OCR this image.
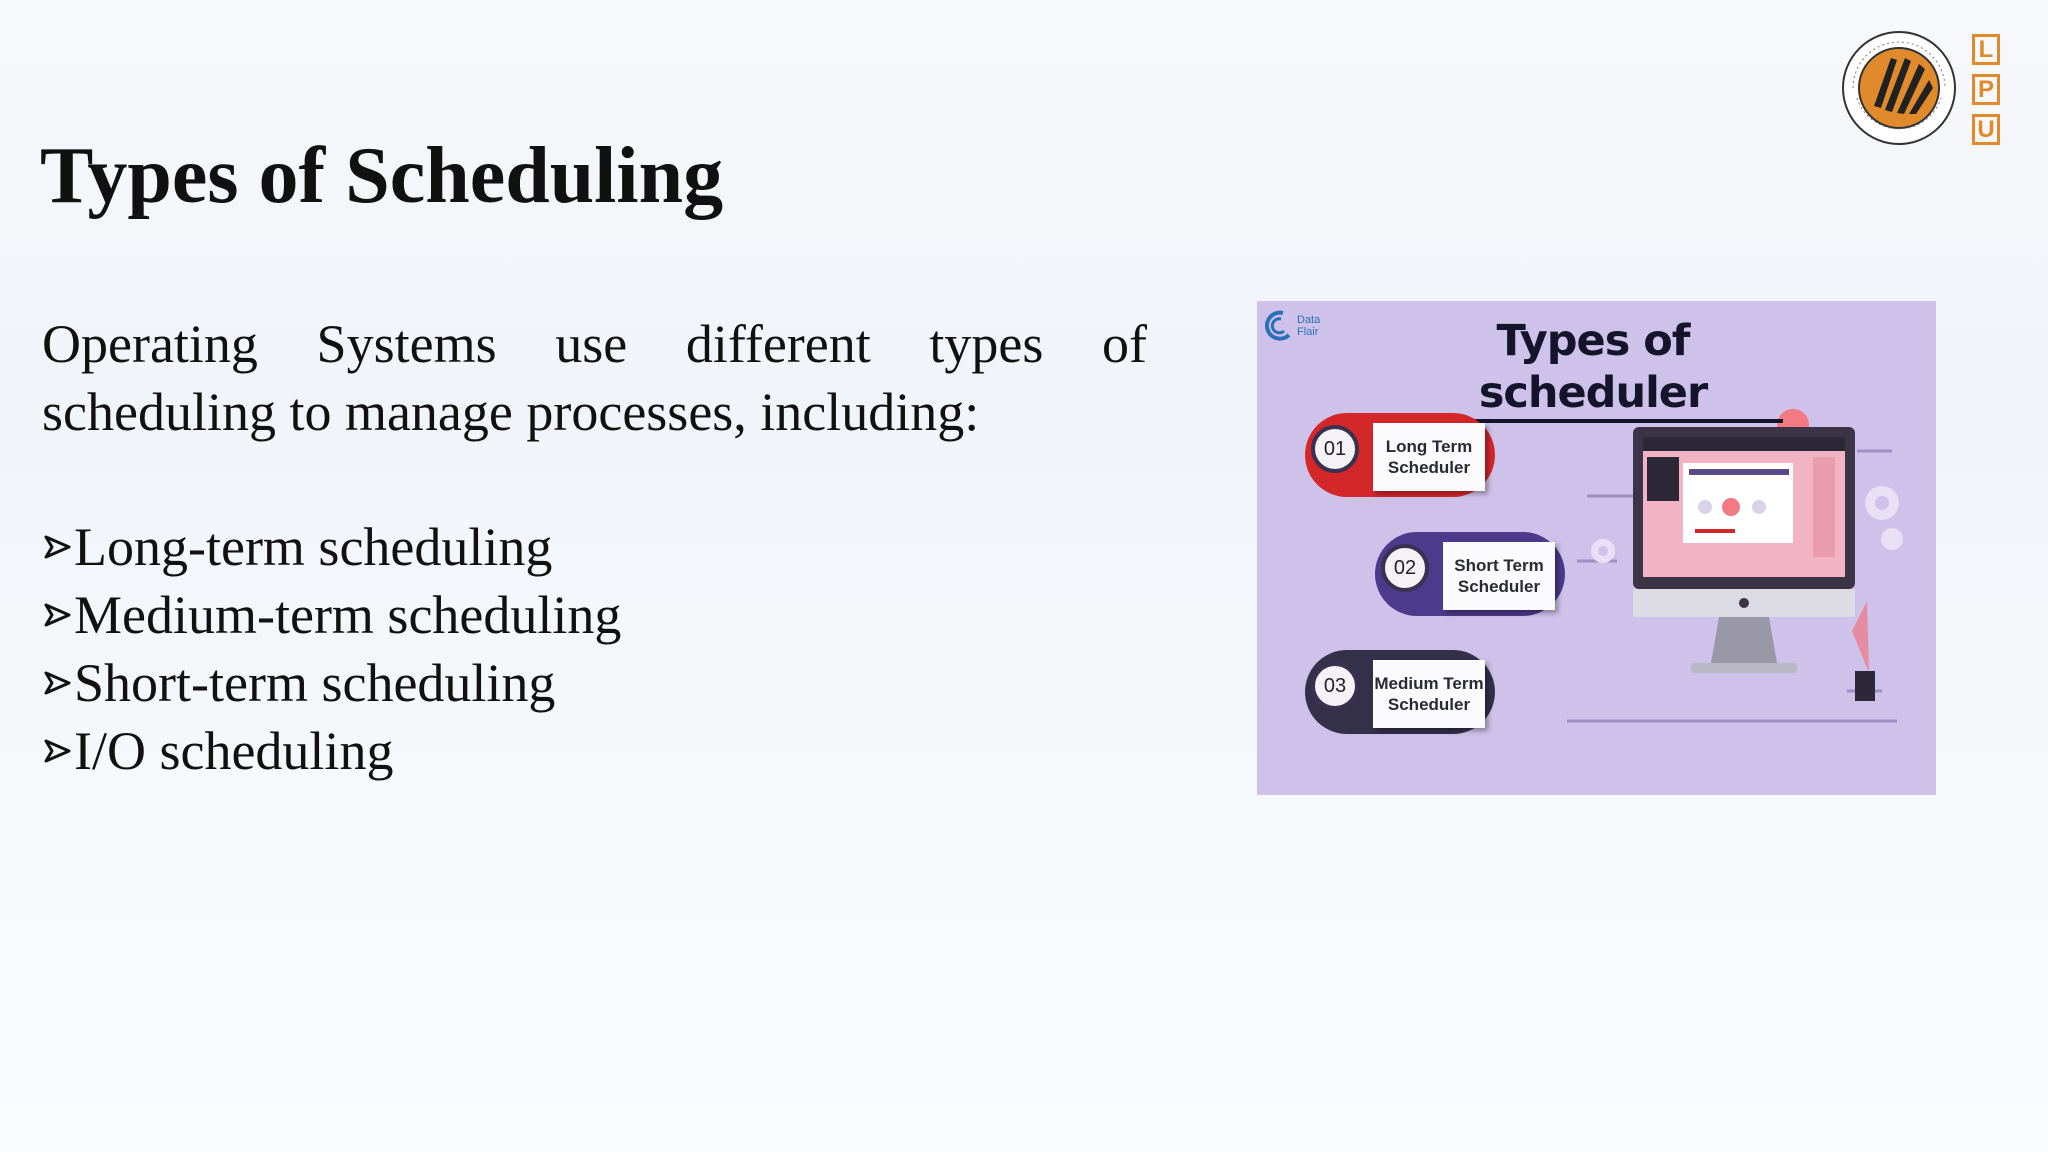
L
P
U
Types of Scheduling

Operating Systems use different types of scheduling to manage processes, including:

Long-term scheduling
Medium-term scheduling
Short-term scheduling
I/O scheduling
Data Flair	Types of scheduler
01	Long Term Scheduler
02	Short Term Scheduler
03	Medium Term Scheduler
